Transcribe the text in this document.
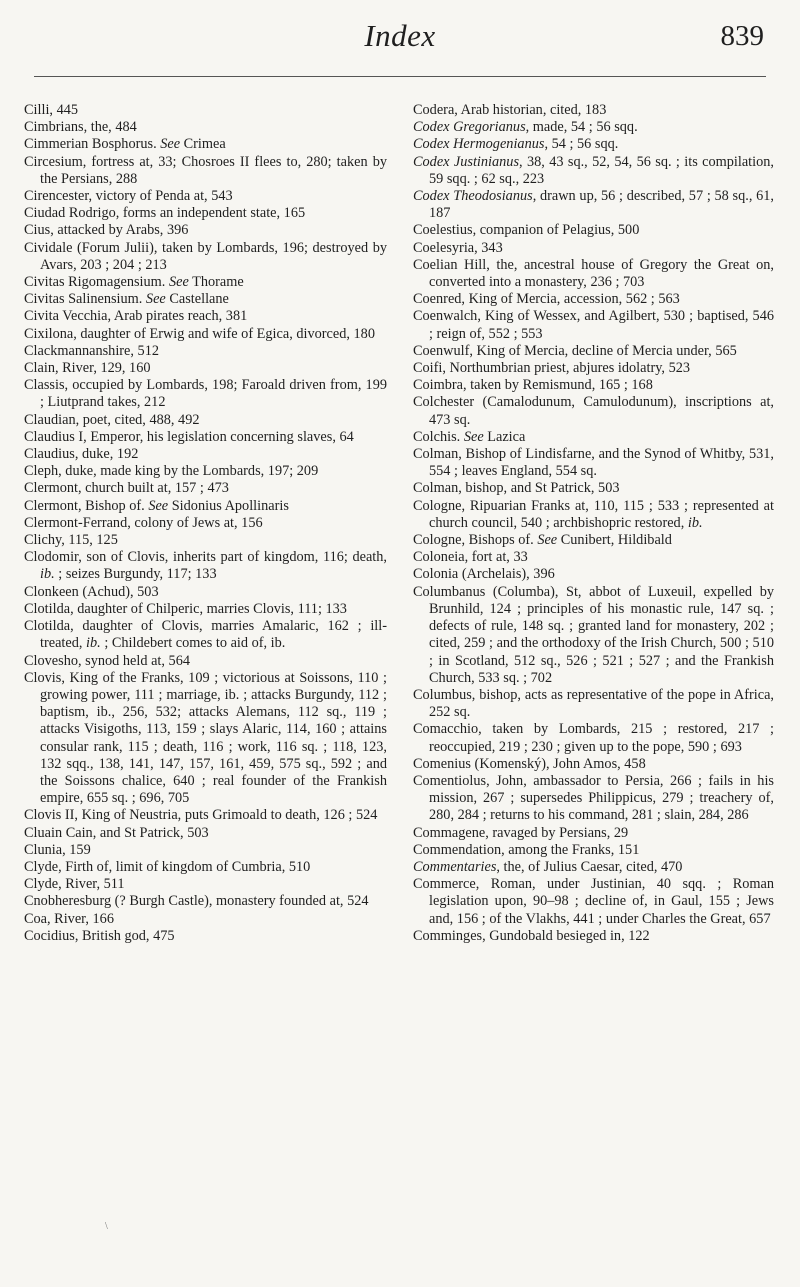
Index	839

Cilli, 445

Cimbrians, the, 484

Cimmerian Bosphorus. See Crimea

Circesium, fortress at, 33; Chosroes II flees to, 280; taken by the Persians, 288

Cirencester, victory of Penda at, 543

Ciudad Rodrigo, forms an independent state, 165

Cius, attacked by Arabs, 396

Cividale (Forum Julii), taken by Lombards, 196; destroyed by Avars, 203 ; 204 ; 213

Civitas Rigomagensium. See Thorame

Civitas Salinensium. See Castellane

Civita Vecchia, Arab pirates reach, 381

Cixilona, daughter of Erwig and wife of Egica, divorced, 180

Clackmannanshire, 512

Clain, River, 129, 160

Classis, occupied by Lombards, 198; Faroald driven from, 199 ; Liutprand takes, 212

Claudian, poet, cited, 488, 492

Claudius I, Emperor, his legislation concerning slaves, 64

Claudius, duke, 192

Cleph, duke, made king by the Lombards, 197; 209

Clermont, church built at, 157 ; 473

Clermont, Bishop of. See Sidonius Apollinaris

Clermont-Ferrand, colony of Jews at, 156

Clichy, 115, 125

Clodomir, son of Clovis, inherits part of kingdom, 116; death, ib. ; seizes Burgundy, 117; 133

Clonkeen (Achud), 503

Clotilda, daughter of Chilperic, marries Clovis, 111; 133

Clotilda, daughter of Clovis, marries Amalaric, 162 ; ill-treated, ib. ; Childebert comes to aid of, ib.

Clovesho, synod held at, 564

Clovis, King of the Franks, 109 ; victorious at Soissons, 110 ; growing power, 111 ; marriage, ib. ; attacks Burgundy, 112 ; baptism, ib., 256, 532; attacks Alemans, 112 sq., 119 ; attacks Visigoths, 113, 159 ; slays Alaric, 114, 160 ; attains consular rank, 115 ; death, 116 ; work, 116 sq. ; 118, 123, 132 sqq., 138, 141, 147, 157, 161, 459, 575 sq., 592 ; and the Soissons chalice, 640 ; real founder of the Frankish empire, 655 sq. ; 696, 705

Clovis II, King of Neustria, puts Grimoald to death, 126 ; 524

Cluain Cain, and St Patrick, 503

Clunia, 159

Clyde, Firth of, limit of kingdom of Cumbria, 510

Clyde, River, 511

Cnobheresburg (? Burgh Castle), monastery founded at, 524

Coa, River, 166

Cocidius, British god, 475

Codera, Arab historian, cited, 183

Codex Gregorianus, made, 54 ; 56 sqq.

Codex Hermogenianus, 54 ; 56 sqq.

Codex Justinianus, 38, 43 sq., 52, 54, 56 sq. ; its compilation, 59 sqq. ; 62 sq., 223

Codex Theodosianus, drawn up, 56 ; described, 57 ; 58 sq., 61, 187

Coelestius, companion of Pelagius, 500

Coelesyria, 343

Coelian Hill, the, ancestral house of Gregory the Great on, converted into a monastery, 236 ; 703

Coenred, King of Mercia, accession, 562 ; 563

Coenwalch, King of Wessex, and Agilbert, 530 ; baptised, 546 ; reign of, 552 ; 553

Coenwulf, King of Mercia, decline of Mercia under, 565

Coifi, Northumbrian priest, abjures idolatry, 523

Coimbra, taken by Remismund, 165 ; 168

Colchester (Camalodunum, Camulodunum), inscriptions at, 473 sq.

Colchis. See Lazica

Colman, Bishop of Lindisfarne, and the Synod of Whitby, 531, 554 ; leaves England, 554 sq.

Colman, bishop, and St Patrick, 503

Cologne, Ripuarian Franks at, 110, 115 ; 533 ; represented at church council, 540 ; archbishopric restored, ib.

Cologne, Bishops of. See Cunibert, Hildibald

Coloneia, fort at, 33

Colonia (Archelais), 396

Columbanus (Columba), St, abbot of Luxeuil, expelled by Brunhild, 124 ; principles of his monastic rule, 147 sq. ; defects of rule, 148 sq. ; granted land for monastery, 202 ; cited, 259 ; and the orthodoxy of the Irish Church, 500 ; 510 ; in Scotland, 512 sq., 526 ; 521 ; 527 ; and the Frankish Church, 533 sq. ; 702

Columbus, bishop, acts as representative of the pope in Africa, 252 sq.

Comacchio, taken by Lombards, 215 ; restored, 217 ; reoccupied, 219 ; 230 ; given up to the pope, 590 ; 693

Comenius (Komenský), John Amos, 458

Comentiolus, John, ambassador to Persia, 266 ; fails in his mission, 267 ; supersedes Philippicus, 279 ; treachery of, 280, 284 ; returns to his command, 281 ; slain, 284, 286

Commagene, ravaged by Persians, 29

Commendation, among the Franks, 151

Commentaries, the, of Julius Caesar, cited, 470

Commerce, Roman, under Justinian, 40 sqq. ; Roman legislation upon, 90–98 ; decline of, in Gaul, 155 ; Jews and, 156 ; of the Vlakhs, 441 ; under Charles the Great, 657

Comminges, Gundobald besieged in, 122

\
